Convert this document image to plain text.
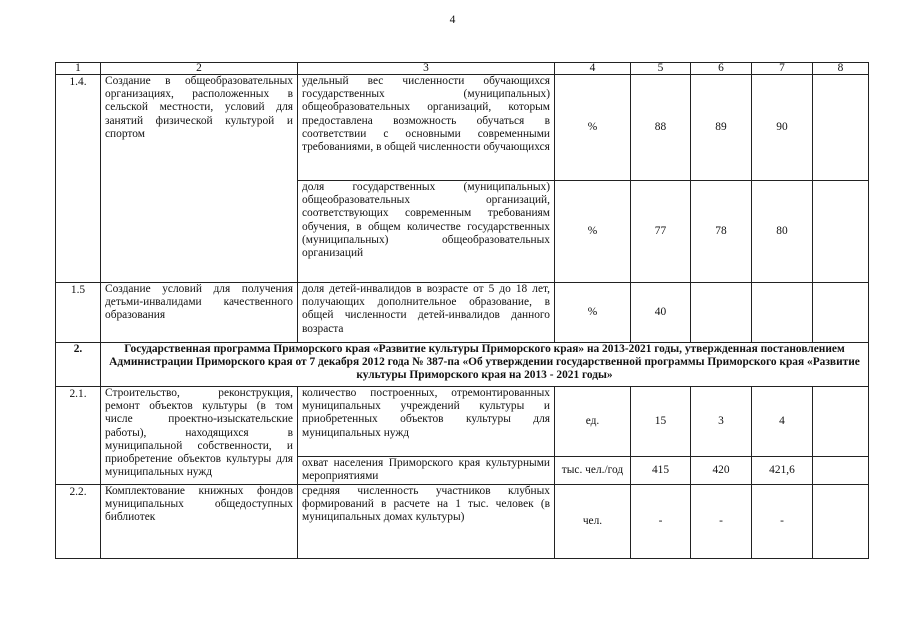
4
1	2	3	4	5	6	7	8
1.4.	Создание в общеобразовательных организациях, расположенных в сельской местности, условий для занятий физической культурой и спортом	удельный вес численности обучающихся государственных (муниципальных) общеобразовательных организаций, которым предоставлена возможность обучаться в соответствии с основными современными требованиями, в общей численности обучающихся	%	88	89	90	
		доля государственных (муниципальных) общеобразовательных организаций, соответствующих современным требованиям обучения, в общем количестве государственных (муниципальных) общеобразовательных организаций	%	77	78	80	
1.5	Создание условий для получения детьми-инвалидами качественного образования	доля детей-инвалидов в возрасте от 5 до 18 лет, получающих дополнительное образование, в общей численности детей-инвалидов данного возраста	%	40			
2.	Государственная программа Приморского края «Развитие культуры Приморского края» на 2013-2021 годы, утвержденная постановлением Администрации Приморского края от 7 декабря 2012 года № 387-па «Об утверждении государственной программы Приморского края «Развитие культуры Приморского края на 2013 - 2021 годы»						
2.1.	Строительство, реконструкция, ремонт объектов культуры (в том числе проектно-изыскательские работы), находящихся в муниципальной собственности, и приобретение объектов культуры для муниципальных нужд	количество построенных, отремонтированных муниципальных учреждений культуры и приобретенных объектов культуры для муниципальных нужд	ед.	15	3	4	
		охват населения Приморского края культурными мероприятиями	тыс. чел./год	415	420	421,6	
2.2.	Комплектование книжных фондов муниципальных общедоступных библиотек	средняя численность участников клубных формирований в расчете на 1 тыс. человек (в муниципальных домах культуры)	чел.	-	-	-	
